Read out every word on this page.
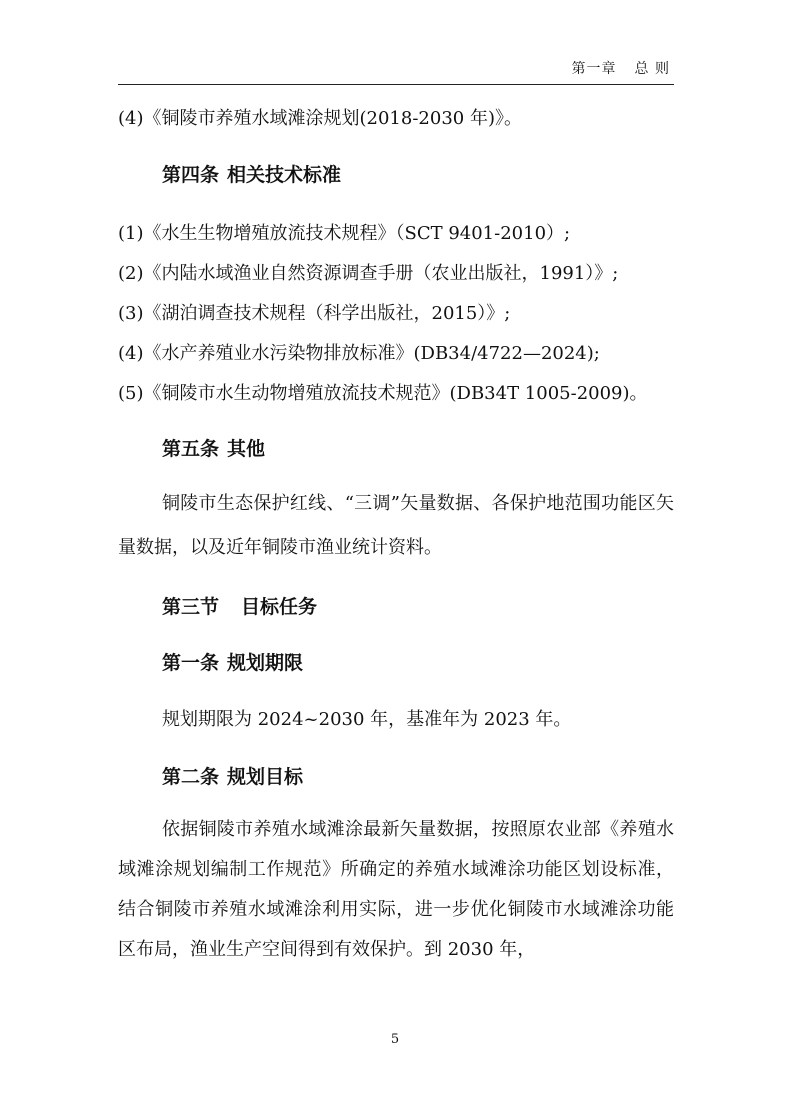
第一章 总 则
(4)《铜陵市养殖水域滩涂规划(2018-2030 年)》。
第四条 相关技术标准
(1)《水生生物增殖放流技术规程》（SCT 9401-2010）;
(2)《内陆水域渔业自然资源调查手册（农业出版社，1991）》;
(3)《湖泊调查技术规程（科学出版社，2015）》;
(4)《水产养殖业水污染物排放标准》(DB34/4722—2024);
(5)《铜陵市水生动物增殖放流技术规范》(DB34T 1005-2009)。
第五条 其他
铜陵市生态保护红线、“三调”矢量数据、各保护地范围功能区矢量数据，以及近年铜陵市渔业统计资料。
第三节 目标任务
第一条 规划期限
规划期限为 2024~2030 年，基准年为 2023 年。
第二条 规划目标
依据铜陵市养殖水域滩涂最新矢量数据，按照原农业部《养殖水域滩涂规划编制工作规范》所确定的养殖水域滩涂功能区划设标准，结合铜陵市养殖水域滩涂利用实际，进一步优化铜陵市水域滩涂功能区布局，渔业生产空间得到有效保护。到 2030 年，
5
